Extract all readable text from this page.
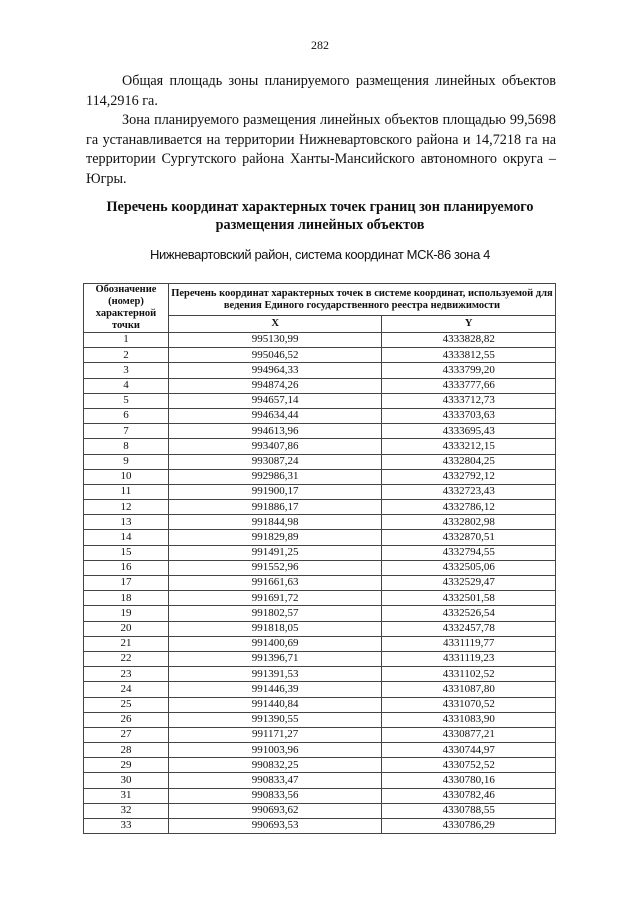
282

Общая площадь зоны планируемого размещения линейных объектов 114,2916 га.

Зона планируемого размещения линейных объектов площадью 99,5698 га устанавливается на территории Нижневартовского района и 14,7218 га на территории Сургутского района Ханты-Мансийского автономного округа – Югры.

Перечень координат характерных точек границ зон планируемого размещения линейных объектов
Нижневартовский район, система координат МСК-86 зона 4
Обозначение (номер) характерной точки	Перечень координат характерных точек в системе координат, используемой для ведения Единого государственного реестра недвижимости	
	X	Y
1	995130,99	4333828,82
2	995046,52	4333812,55
3	994964,33	4333799,20
4	994874,26	4333777,66
5	994657,14	4333712,73
6	994634,44	4333703,63
7	994613,96	4333695,43
8	993407,86	4333212,15
9	993087,24	4332804,25
10	992986,31	4332792,12
11	991900,17	4332723,43
12	991886,17	4332786,12
13	991844,98	4332802,98
14	991829,89	4332870,51
15	991491,25	4332794,55
16	991552,96	4332505,06
17	991661,63	4332529,47
18	991691,72	4332501,58
19	991802,57	4332526,54
20	991818,05	4332457,78
21	991400,69	4331119,77
22	991396,71	4331119,23
23	991391,53	4331102,52
24	991446,39	4331087,80
25	991440,84	4331070,52
26	991390,55	4331083,90
27	991171,27	4330877,21
28	991003,96	4330744,97
29	990832,25	4330752,52
30	990833,47	4330780,16
31	990833,56	4330782,46
32	990693,62	4330788,55
33	990693,53	4330786,29
